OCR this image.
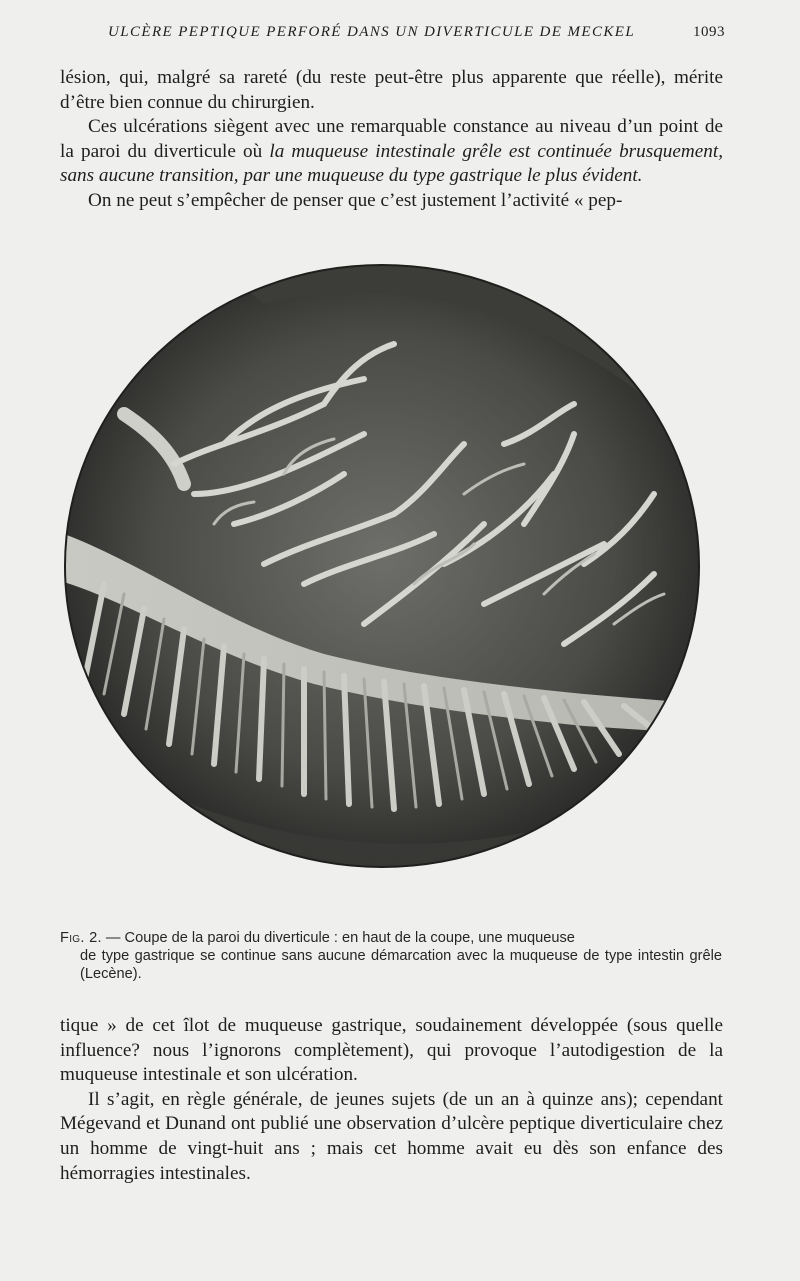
ULCÈRE PEPTIQUE PERFORÉ DANS UN DIVERTICULE DE MECKEL	1093

lésion, qui, malgré sa rareté (du reste peut-être plus apparente que réelle), mérite d’être bien connue du chirurgien.

Ces ulcérations siègent avec une remarquable constance au niveau d’un point de la paroi du diverticule où la muqueuse intestinale grêle est continuée brusquement, sans aucune transition, par une muqueuse du type gastrique le plus évident.

On ne peut s’empêcher de penser que c’est justement l’activité « pep-

Fig. 2. — Coupe de la paroi du diverticule : en haut de la coupe, une muqueuse
de type gastrique se continue sans aucune démarcation avec la muqueuse de type intestin grêle (Lecène).

tique » de cet îlot de muqueuse gastrique, soudainement développée (sous quelle influence? nous l’ignorons complètement), qui provoque l’autodigestion de la muqueuse intestinale et son ulcération.

Il s’agit, en règle générale, de jeunes sujets (de un an à quinze ans); cependant Mégevand et Dunand ont publié une observation d’ulcère peptique diverticulaire chez un homme de vingt-huit ans ; mais cet homme avait eu dès son enfance des hémorragies intestinales.
